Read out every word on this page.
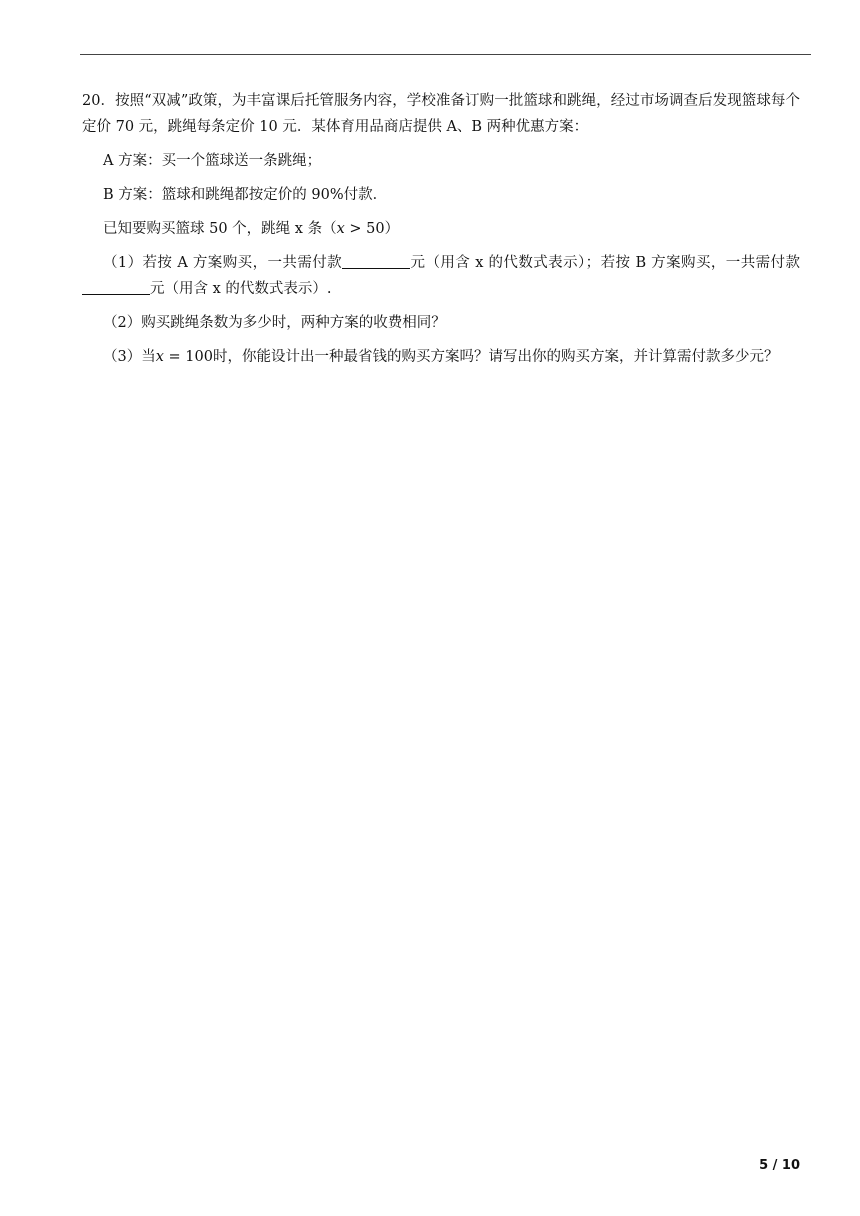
20．按照“双减”政策，为丰富课后托管服务内容，学校准备订购一批篮球和跳绳，经过市场调查后发现篮球每个定价 70 元，跳绳每条定价 10 元．某体育用品商店提供 A、B 两种优惠方案：

A 方案：买一个篮球送一条跳绳；

B 方案：篮球和跳绳都按定价的 90%付款．

已知要购买篮球 50 个，跳绳 x 条（x > 50）

（1）若按 A 方案购买，一共需付款	元（用含 x 的代数式表示）；若按 B 方案购买，一共需付款元（用含 x 的代数式表示）.

（2）购买跳绳条数为多少时，两种方案的收费相同？

（3）当x = 100时，你能设计出一种最省钱的购买方案吗？请写出你的购买方案，并计算需付款多少元？

5 / 10
